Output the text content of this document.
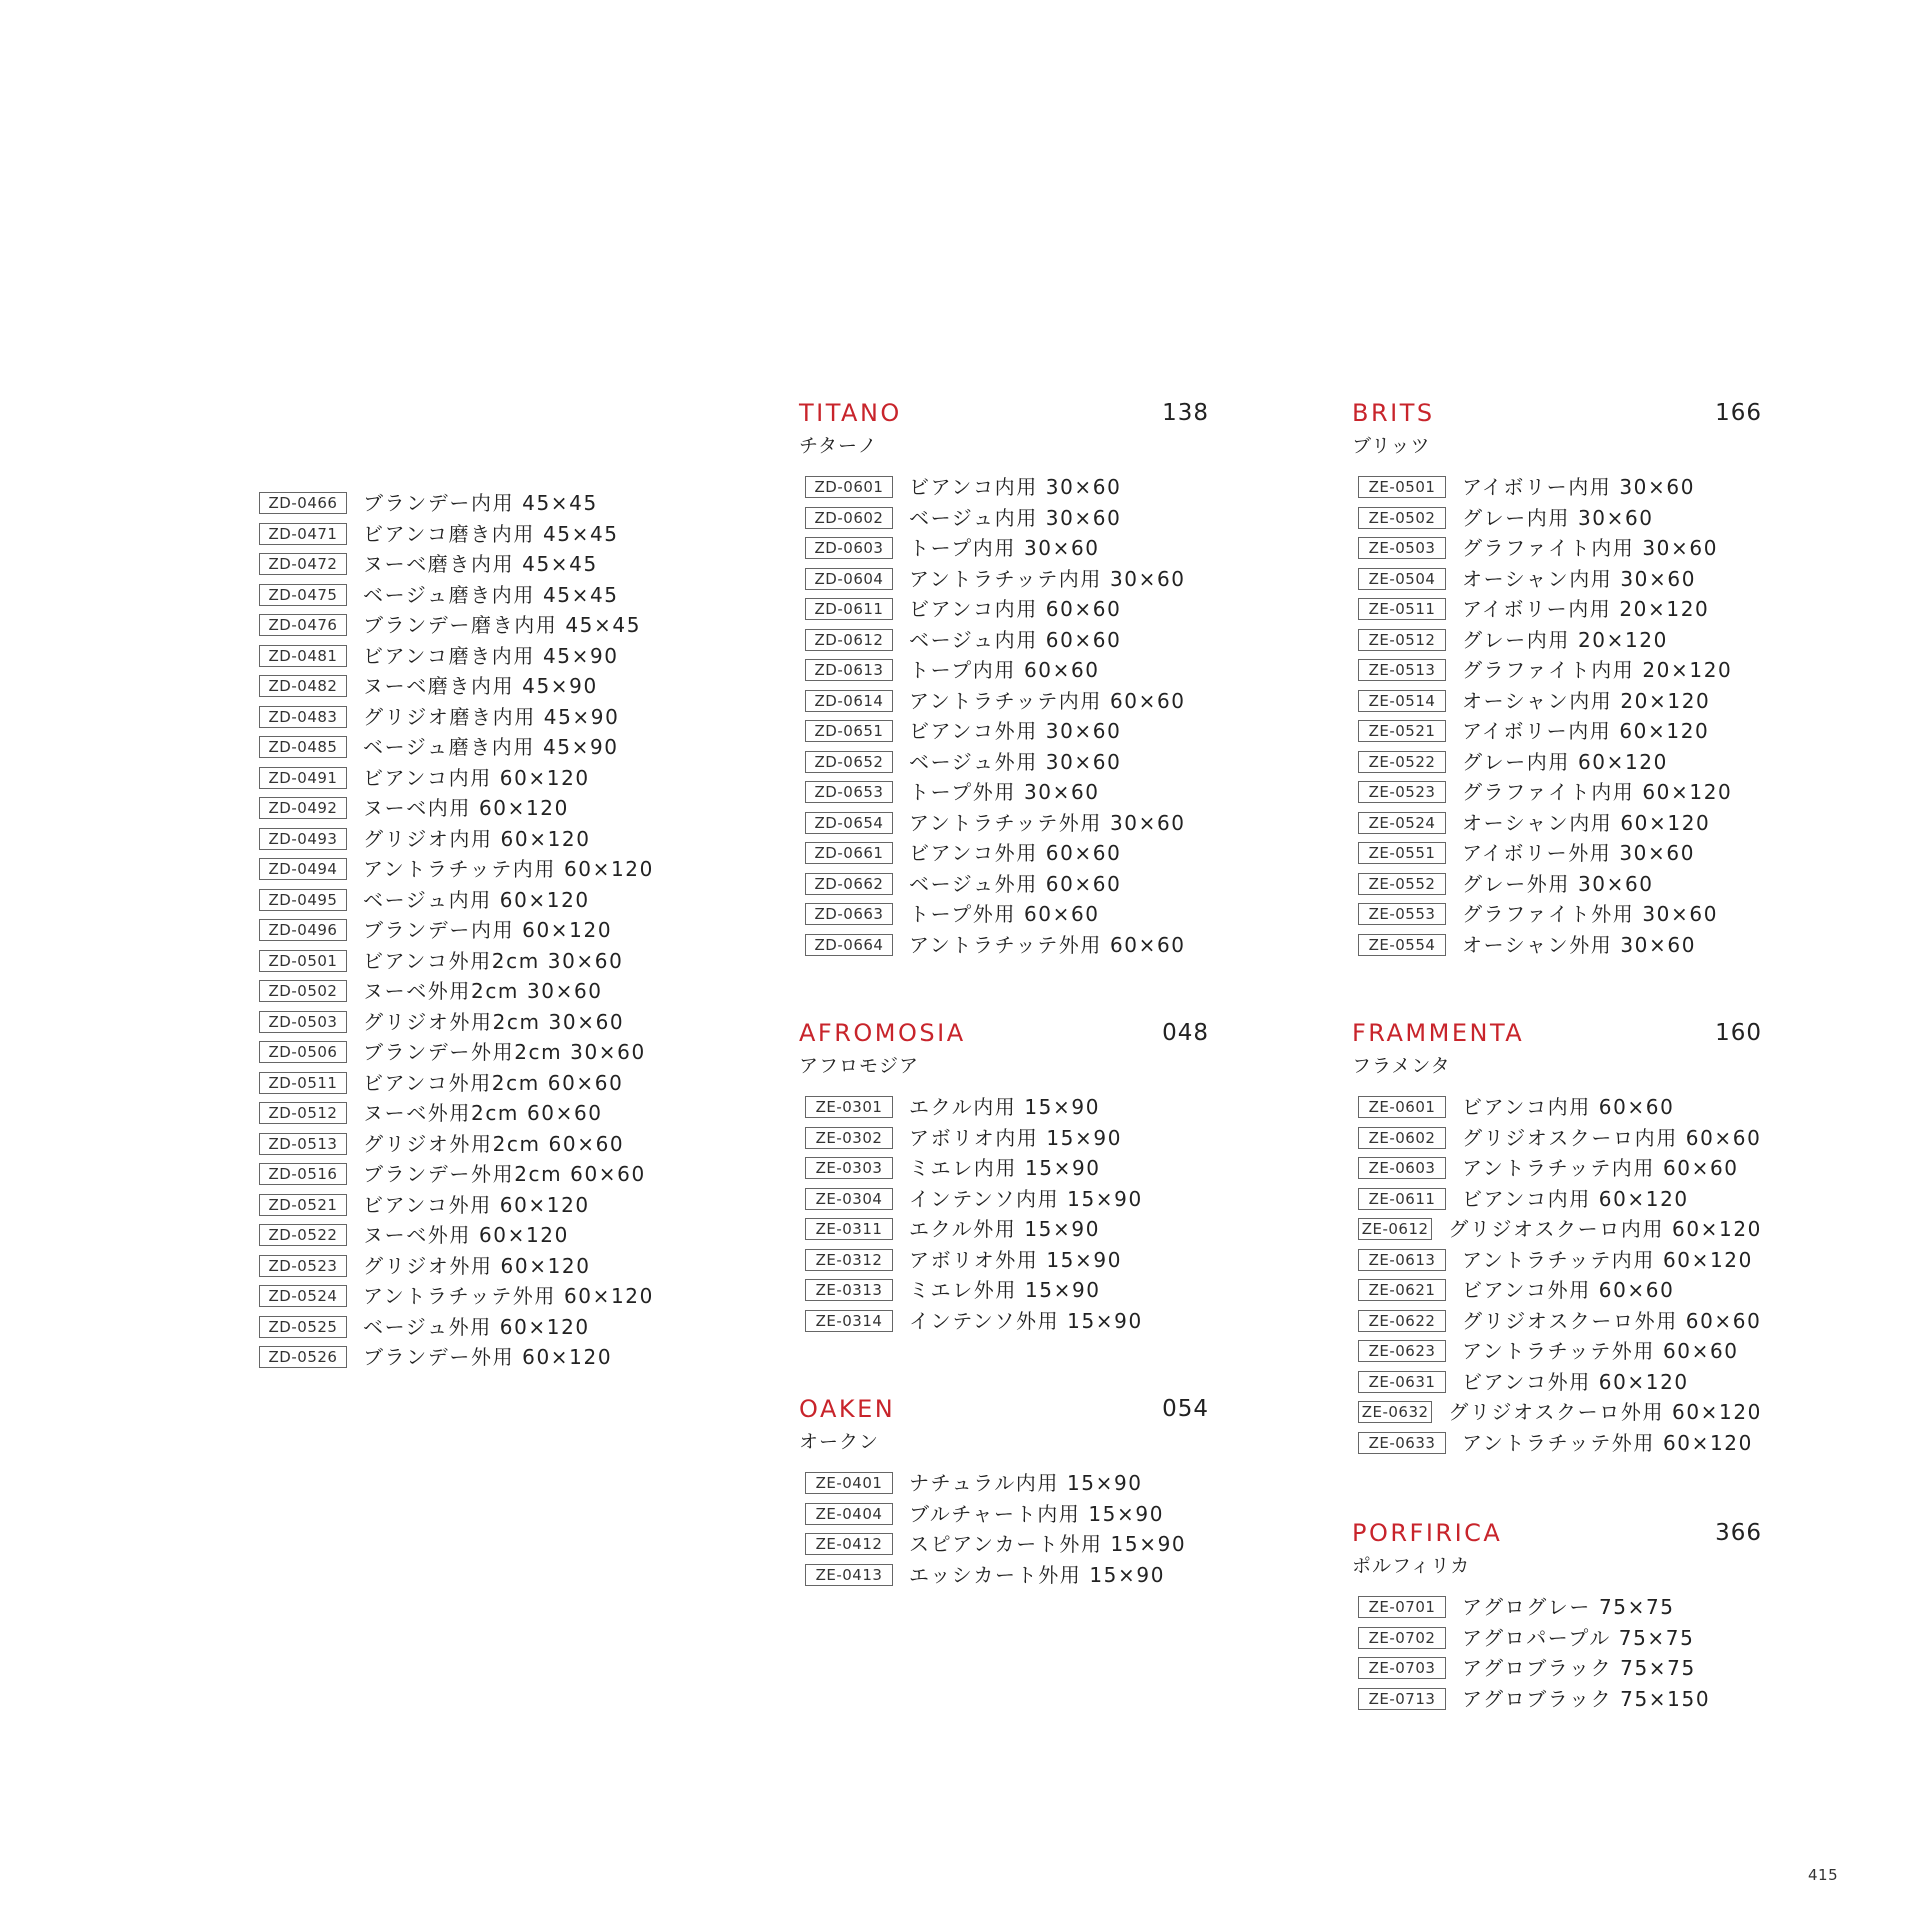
ZD-0466	ブランデー内用 45×45
ZD-0471	ビアンコ磨き内用 45×45
ZD-0472	ヌーベ磨き内用 45×45
ZD-0475	ベージュ磨き内用 45×45
ZD-0476	ブランデー磨き内用 45×45
ZD-0481	ビアンコ磨き内用 45×90
ZD-0482	ヌーベ磨き内用 45×90
ZD-0483	グリジオ磨き内用 45×90
ZD-0485	ベージュ磨き内用 45×90
ZD-0491	ビアンコ内用 60×120
ZD-0492	ヌーベ内用 60×120
ZD-0493	グリジオ内用 60×120
ZD-0494	アントラチッテ内用 60×120
ZD-0495	ベージュ内用 60×120
ZD-0496	ブランデー内用 60×120
ZD-0501	ビアンコ外用2cm 30×60
ZD-0502	ヌーベ外用2cm 30×60
ZD-0503	グリジオ外用2cm 30×60
ZD-0506	ブランデー外用2cm 30×60
ZD-0511	ビアンコ外用2cm 60×60
ZD-0512	ヌーベ外用2cm 60×60
ZD-0513	グリジオ外用2cm 60×60
ZD-0516	ブランデー外用2cm 60×60
ZD-0521	ビアンコ外用 60×120
ZD-0522	ヌーベ外用 60×120
ZD-0523	グリジオ外用 60×120
ZD-0524	アントラチッテ外用 60×120
ZD-0525	ベージュ外用 60×120
ZD-0526	ブランデー外用 60×120
TITANO	138
チターノ
ZD-0601	ビアンコ内用 30×60
ZD-0602	ベージュ内用 30×60
ZD-0603	トープ内用 30×60
ZD-0604	アントラチッテ内用 30×60
ZD-0611	ビアンコ内用 60×60
ZD-0612	ベージュ内用 60×60
ZD-0613	トープ内用 60×60
ZD-0614	アントラチッテ内用 60×60
ZD-0651	ビアンコ外用 30×60
ZD-0652	ベージュ外用 30×60
ZD-0653	トープ外用 30×60
ZD-0654	アントラチッテ外用 30×60
ZD-0661	ビアンコ外用 60×60
ZD-0662	ベージュ外用 60×60
ZD-0663	トープ外用 60×60
ZD-0664	アントラチッテ外用 60×60
AFROMOSIA	048
アフロモジア
ZE-0301	エクル内用 15×90
ZE-0302	アボリオ内用 15×90
ZE-0303	ミエレ内用 15×90
ZE-0304	インテンソ内用 15×90
ZE-0311	エクル外用 15×90
ZE-0312	アボリオ外用 15×90
ZE-0313	ミエレ外用 15×90
ZE-0314	インテンソ外用 15×90
OAKEN	054
オークン
ZE-0401	ナチュラル内用 15×90
ZE-0404	ブルチャート内用 15×90
ZE-0412	スピアンカート外用 15×90
ZE-0413	エッシカート外用 15×90
BRITS	166
ブリッツ
ZE-0501	アイボリー内用 30×60
ZE-0502	グレー内用 30×60
ZE-0503	グラファイト内用 30×60
ZE-0504	オーシャン内用 30×60
ZE-0511	アイボリー内用 20×120
ZE-0512	グレー内用 20×120
ZE-0513	グラファイト内用 20×120
ZE-0514	オーシャン内用 20×120
ZE-0521	アイボリー内用 60×120
ZE-0522	グレー内用 60×120
ZE-0523	グラファイト内用 60×120
ZE-0524	オーシャン内用 60×120
ZE-0551	アイボリー外用 30×60
ZE-0552	グレー外用 30×60
ZE-0553	グラファイト外用 30×60
ZE-0554	オーシャン外用 30×60
FRAMMENTA	160
フラメンタ
ZE-0601	ビアンコ内用 60×60
ZE-0602	グリジオスクーロ内用 60×60
ZE-0603	アントラチッテ内用 60×60
ZE-0611	ビアンコ内用 60×120
ZE-0612 グリジオスクーロ内用 60×120
ZE-0613	アントラチッテ内用 60×120
ZE-0621	ビアンコ外用 60×60
ZE-0622	グリジオスクーロ外用 60×60
ZE-0623	アントラチッテ外用 60×60
ZE-0631	ビアンコ外用 60×120
ZE-0632 グリジオスクーロ外用 60×120
ZE-0633	アントラチッテ外用 60×120
PORFIRICA	366
ポルフィリカ
ZE-0701	アグログレー 75×75
ZE-0702	アグロパープル 75×75
ZE-0703	アグロブラック 75×75
ZE-0713	アグロブラック 75×150
415
